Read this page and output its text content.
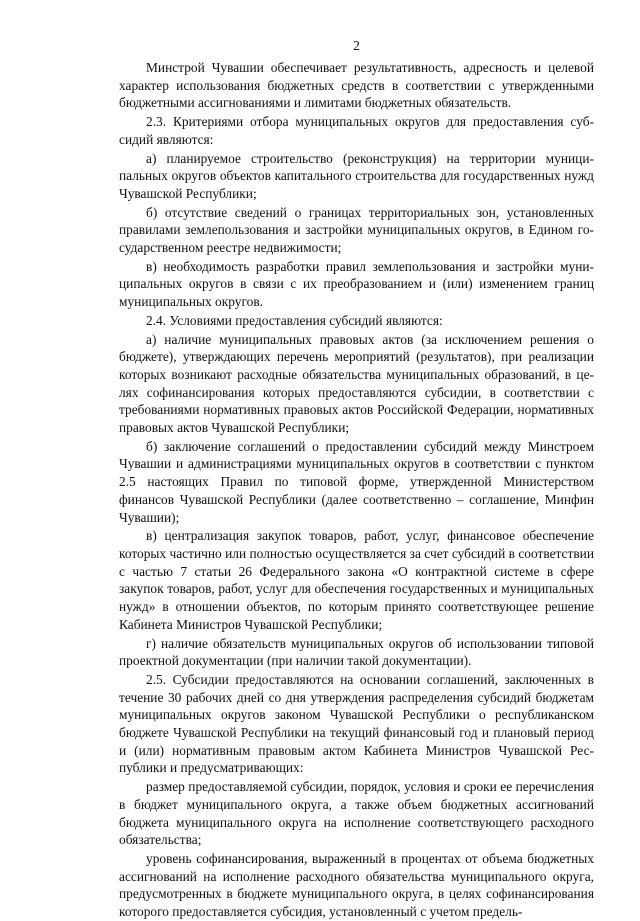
2

Минстрой Чувашии обеспечивает результативность, адресность и целевой характер использования бюджетных средств в соответствии с утвержденными бюджетными ассигнованиями и лимитами бюджетных обязательств.

2.3. Критериями отбора муниципальных округов для предоставления субсидий являются:

а) планируемое строительство (реконструкция) на территории муниципальных округов объектов капитального строительства для государственных нужд Чувашской Республики;

б) отсутствие сведений о границах территориальных зон, установленных правилами землепользования и застройки муниципальных округов, в Едином государственном реестре недвижимости;

в) необходимость разработки правил землепользования и застройки муниципальных округов в связи с их преобразованием и (или) изменением границ муниципальных округов.

2.4. Условиями предоставления субсидий являются:

а) наличие муниципальных правовых актов (за исключением решения о бюджете), утверждающих перечень мероприятий (результатов), при реализации которых возникают расходные обязательства муниципальных образований, в целях софинансирования которых предоставляются субсидии, в соответствии с требованиями нормативных правовых актов Российской Федерации, нормативных правовых актов Чувашской Республики;

б) заключение соглашений о предоставлении субсидий между Минстроем Чувашии и администрациями муниципальных округов в соответствии с пунктом 2.5 настоящих Правил по типовой форме, утвержденной Министерством финансов Чувашской Республики (далее соответственно – соглашение, Минфин Чувашии);

в) централизация закупок товаров, работ, услуг, финансовое обеспечение которых частично или полностью осуществляется за счет субсидий в соответствии с частью 7 статьи 26 Федерального закона «О контрактной системе в сфере закупок товаров, работ, услуг для обеспечения государственных и муниципальных нужд» в отношении объектов, по которым принято соответствующее решение Кабинета Министров Чувашской Республики;

г) наличие обязательств муниципальных округов об использовании типовой проектной документации (при наличии такой документации).

2.5. Субсидии предоставляются на основании соглашений, заключенных в течение 30 рабочих дней со дня утверждения распределения субсидий бюджетам муниципальных округов законом Чувашской Республики о республиканском бюджете Чувашской Республики на текущий финансовый год и плановый период и (или) нормативным правовым актом Кабинета Министров Чувашской Республики и предусматривающих:

размер предоставляемой субсидии, порядок, условия и сроки ее перечисления в бюджет муниципального округа, а также объем бюджетных ассигнований бюджета муниципального округа на исполнение соответствующего расходного обязательства;

уровень софинансирования, выраженный в процентах от объема бюджетных ассигнований на исполнение расходного обязательства муниципального округа, предусмотренных в бюджете муниципального округа, в целях софинансирования которого предоставляется субсидия, установленный с учетом предель-
